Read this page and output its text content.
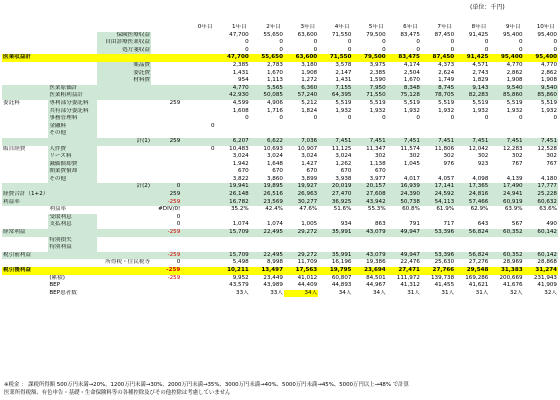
(単位：千円)
				0年目	1年目	2年目	3年目	4年目	5年目	6年目	7年目	8年目	9年目	10年目
		保険医療収益			47,700	55,650	63,600	71,550	79,500	83,475	87,450	91,425	95,400	95,400
		自由診療医業収益			0	0	0	0	0	0	0	0	0	0
		処方箋収益			0	0	0	0	0	0	0	0	0	0
医業収益計					47,700	55,650	63,600	71,550	79,500	83,475	87,450	91,425	95,400	95,400
		薬品費			2,385	2,783	3,180	3,578	3,975	4,174	4,373	4,571	4,770	4,770
		委託費			1,431	1,670	1,908	2,147	2,385	2,504	2,624	2,743	2,862	2,862
		材料費			954	1,113	1,272	1,431	1,590	1,670	1,749	1,829	1,908	1,908
	医業原価計				4,770	5,565	6,360	7,155	7,950	8,348	8,745	9,143	9,540	9,540
	医業粗利益計				42,930	50,085	57,240	64,395	71,550	75,128	78,705	82,283	85,860	85,860
委託料	専利部分委託料		259		4,599	4,906	5,212	5,519	5,519	5,519	5,519	5,519	5,519	5,519
	共有部分委託料				1,608	1,716	1,824	1,932	1,932	1,932	1,932	1,932	1,932	1,932
	事務管理料				0	0	0	0	0	0	0	0	0	0
	金融料			0										
	その他													
		計(1)	259		6,207	6,622	7,036	7,451	7,451	7,451	7,451	7,451	7,451	7,451
販自経費	人件費			0	10,483	10,693	10,907	11,125	11,347	11,574	11,806	12,042	12,283	12,528
	リース料				3,024	3,024	3,024	3,024	302	302	302	302	302	302
	減価償却費				1,942	1,648	1,427	1,262	1,138	1,045	976	923	767	767
	開業費償却				670	670	670	670	670					
	その他				3,822	3,860	3,899	3,938	3,977	4,017	4,057	4,098	4,139	4,180
		計(2)	0		19,941	19,895	19,927	20,019	20,157	16,939	17,141	17,365	17,490	17,777
経費合計（1+2）			259		26,148	26,516	26,963	27,470	27,608	24,390	24,592	24,816	24,941	25,228
利益率			-259		16,782	23,569	30,277	36,925	43,942	50,738	54,113	57,466	60,919	60,632
	利益率		#DIV/0!		35.2%	42.4%	47.6%	51.6%	55.3%	60.8%	61.9%	62.9%	63.9%	63.6%
	受取利息		0											
	支払利息		0		1,074	1,074	1,005	934	863	791	717	643	567	490
経常利益			-259		15,709	22,495	29,272	35,991	43,079	49,947	53,396	56,824	60,352	60,142
	特別損失													
	特別利益													
税引前利益			-259		15,709	22,495	29,272	35,991	43,079	49,947	53,396	56,824	60,352	60,142
		所得税・住民税等	0		5,498	8,998	11,709	16,196	19,386	22,476	25,630	27,276	28,969	28,868
税引後利益			-259		10,211	13,497	17,563	19,795	23,694	27,471	27,766	29,548	31,383	31,274
	(累積)		-259		9,952	23,449	41,012	60,807	84,501	111,972	139,738	169,286	200,669	231,943
	BEP				43,579	43,989	44,409	44,893	44,967	41,312	41,455	41,621	41,676	41,909
	BEP患者数				33人	33人	34人	34人	34人	31人	31人	31人	32人	32人
※税金 ： 課税所得額 500万円未満→20%、1200万円未満→30%、2000万円未満→35%、3000万円未満→40%、5000万円未満→45%、5000万円以上→48% で計算
医業所得税額、有色申告・基礎・生命保険料等の各種控除及びその他控除は考慮していません
